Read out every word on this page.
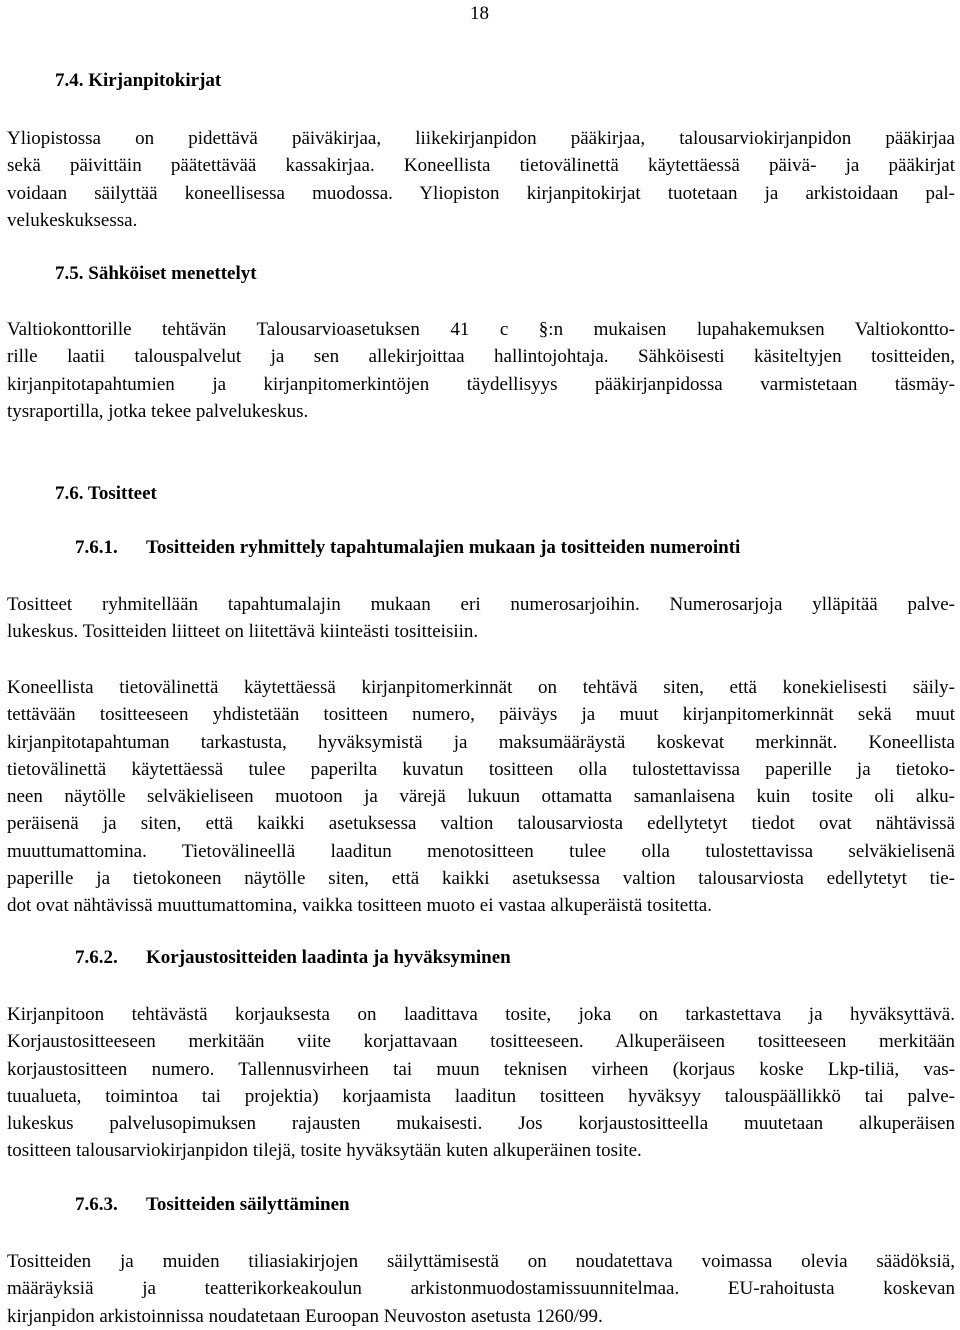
18
7.4. Kirjanpitokirjat
Yliopistossa on pidettävä päiväkirjaa, liikekirjanpidon pääkirjaa, talousarviokirjanpidon pääkirjaa
sekä päivittäin päätettävää kassakirjaa. Koneellista tietovälinettä käytettäessä päivä- ja pääkirjat
voidaan säilyttää koneellisessa muodossa. Yliopiston kirjanpitokirjat tuotetaan ja arkistoidaan pal-
velukeskuksessa.
7.5. Sähköiset menettelyt
Valtiokonttorille tehtävän Talousarvioasetuksen 41 c §:n mukaisen lupahakemuksen Valtiokontto-
rille laatii talouspalvelut ja sen allekirjoittaa hallintojohtaja. Sähköisesti käsiteltyjen tositteiden,
kirjanpitotapahtumien ja kirjanpitomerkintöjen täydellisyys pääkirjanpidossa varmistetaan täsmäy-
tysraportilla, jotka tekee palvelukeskus.
7.6. Tositteet
7.6.1. Tositteiden ryhmittely tapahtumalajien mukaan ja tositteiden numerointi
Tositteet ryhmitellään tapahtumalajin mukaan eri numerosarjoihin. Numerosarjoja ylläpitää palve-
lukeskus. Tositteiden liitteet on liitettävä kiinteästi tositteisiin.
Koneellista tietovälinettä käytettäessä kirjanpitomerkinnät on tehtävä siten, että konekielisesti säily-
tettävään tositteeseen yhdistetään tositteen numero, päiväys ja muut kirjanpitomerkinnät sekä muut
kirjanpitotapahtuman tarkastusta, hyväksymistä ja maksumääräystä koskevat merkinnät. Koneellista
tietovälinettä käytettäessä tulee paperilta kuvatun tositteen olla tulostettavissa paperille ja tietoko-
neen näytölle selväkieliseen muotoon ja värejä lukuun ottamatta samanlaisena kuin tosite oli alku-
peräisenä ja siten, että kaikki asetuksessa valtion talousarviosta edellytetyt tiedot ovat nähtävissä
muuttumattomina. Tietovälineellä laaditun menotositteen tulee olla tulostettavissa selväkielisenä
paperille ja tietokoneen näytölle siten, että kaikki asetuksessa valtion talousarviosta edellytetyt tie-
dot ovat nähtävissä muuttumattomina, vaikka tositteen muoto ei vastaa alkuperäistä tositetta.
7.6.2. Korjaustositteiden laadinta ja hyväksyminen
Kirjanpitoon tehtävästä korjauksesta on laadittava tosite, joka on tarkastettava ja hyväksyttävä.
Korjaustositteeseen merkitään viite korjattavaan tositteeseen. Alkuperäiseen tositteeseen merkitään
korjaustositteen numero. Tallennusvirheen tai muun teknisen virheen (korjaus koske Lkp-tiliä, vas-
tuualueta, toimintoa tai projektia) korjaamista laaditun tositteen hyväksyy talouspäällikkö tai palve-
lukeskus palvelusopimuksen rajausten mukaisesti. Jos korjaustositteella muutetaan alkuperäisen
tositteen talousarviokirjanpidon tilejä, tosite hyväksytään kuten alkuperäinen tosite.
7.6.3. Tositteiden säilyttäminen
Tositteiden ja muiden tiliasiakirjojen säilyttämisestä on noudatettava voimassa olevia säädöksiä,
määräyksiä ja teatterikorkeakoulun arkistonmuodostamissuunnitelmaa. EU-rahoitusta koskevan
kirjanpidon arkistoinnissa noudatetaan Euroopan Neuvoston asetusta 1260/99.
